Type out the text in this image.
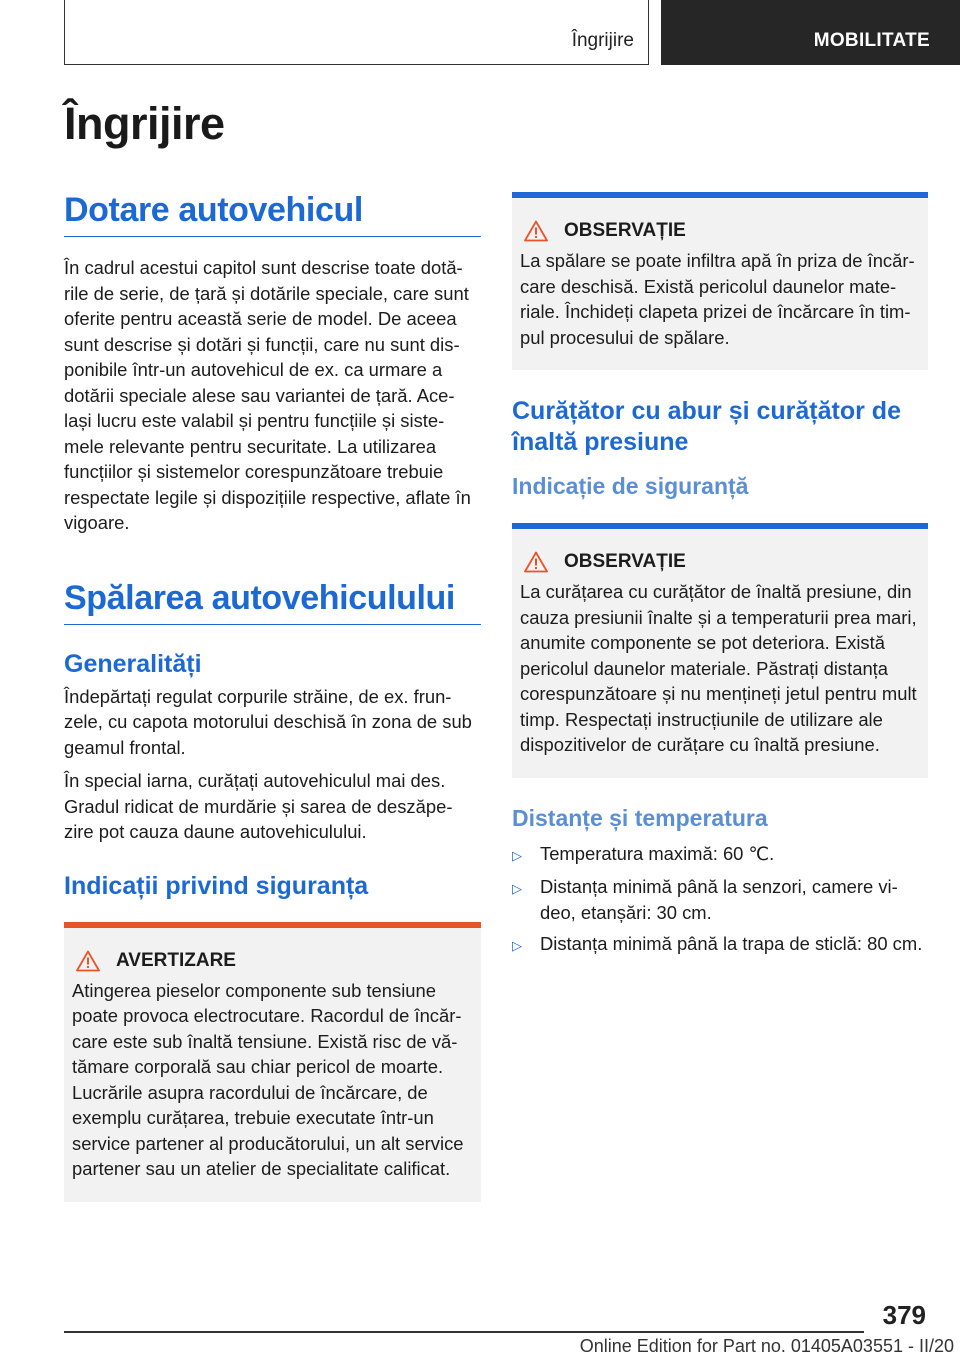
Îngrijire	MOBILITATE
Îngrijire
Dotare autovehicul

În cadrul acestui capitol sunt descrise toate dotă-rile de serie, de țară și dotările speciale, care sunt oferite pentru această serie de model. De aceea sunt descrise și dotări și funcții, care nu sunt dis-ponibile într-un autovehicul de ex. ca urmare a dotării speciale alese sau variantei de țară. Ace-lași lucru este valabil și pentru funcțiile și siste-mele relevante pentru securitate. La utilizarea funcțiilor și sistemelor corespunzătoare trebuie respectate legile și dispozițiile respective, aflate în vigoare.

Spălarea autovehiculului
Generalități

Îndepărtați regulat corpurile străine, de ex. frun-zele, cu capota motorului deschisă în zona de sub geamul frontal.

În special iarna, curățați autovehiculul mai des. Gradul ridicat de murdărie și sarea de deszăpe-zire pot cauza daune autovehiculului.

Indicații privind siguranța
AVERTIZARE

Atingerea pieselor componente sub tensiune poate provoca electrocutare. Racordul de încăr-care este sub înaltă tensiune. Există risc de vă-tămare corporală sau chiar pericol de moarte. Lucrările asupra racordului de încărcare, de exemplu curățarea, trebuie executate într-un service partener al producătorului, un alt service partener sau un atelier de specialitate calificat.

OBSERVAȚIE

La spălare se poate infiltra apă în priza de încăr-care deschisă. Există pericolul daunelor mate-riale. Închideți clapeta prizei de încărcare în tim-pul procesului de spălare.

Curățător cu abur și curățător de înaltă presiune
Indicație de siguranță
OBSERVAȚIE

La curățarea cu curățător de înaltă presiune, din cauza presiunii înalte și a temperaturii prea mari, anumite componente se pot deteriora. Există pericolul daunelor materiale. Păstrați distanța corespunzătoare și nu mențineți jetul pentru mult timp. Respectați instrucțiunile de utilizare ale dispozitivelor de curățare cu înaltă presiune.

Distanțe și temperatura
▷ Temperatura maximă: 60 ℃.
▷ Distanța minimă până la senzori, camere vi-deo, etanșări: 30 cm.
▷ Distanța minimă până la trapa de sticlă: 80 cm.
379
Online Edition for Part no. 01405A03551 - II/20
